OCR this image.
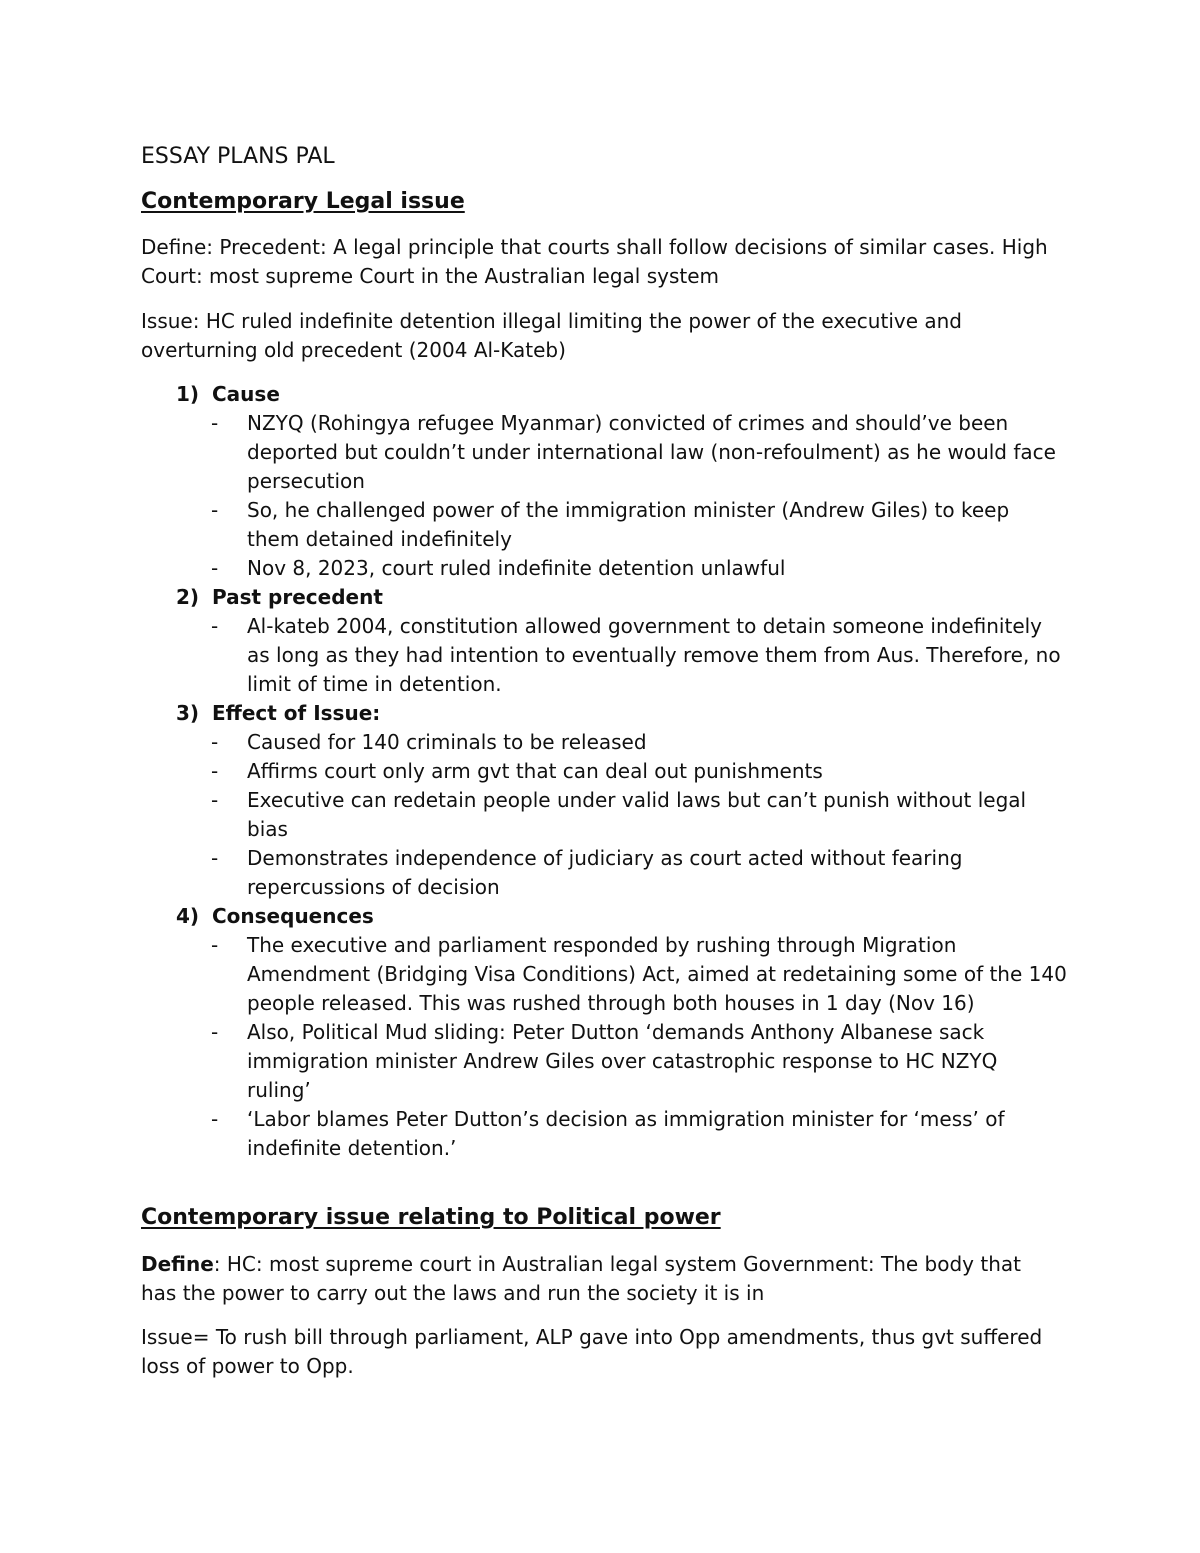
ESSAY PLANS PAL
Contemporary Legal issue

Define: Precedent: A legal principle that courts shall follow decisions of similar cases. High Court: most supreme Court in the Australian legal system

Issue: HC ruled indefinite detention illegal limiting the power of the executive and overturning old precedent (2004 Al-Kateb)

1) Cause
- NZYQ (Rohingya refugee Myanmar) convicted of crimes and should’ve been deported but couldn’t under international law (non-refoulment) as he would face persecution
- So, he challenged power of the immigration minister (Andrew Giles) to keep them detained indefinitely
- Nov 8, 2023, court ruled indefinite detention unlawful
2) Past precedent
- Al-kateb 2004, constitution allowed government to detain someone indefinitely as long as they had intention to eventually remove them from Aus. Therefore, no limit of time in detention.
3) Effect of Issue:
- Caused for 140 criminals to be released
- Affirms court only arm gvt that can deal out punishments
- Executive can redetain people under valid laws but can’t punish without legal bias
- Demonstrates independence of judiciary as court acted without fearing repercussions of decision
4) Consequences
- The executive and parliament responded by rushing through Migration Amendment (Bridging Visa Conditions) Act, aimed at redetaining some of the 140 people released. This was rushed through both houses in 1 day (Nov 16)
- Also, Political Mud sliding: Peter Dutton ‘demands Anthony Albanese sack immigration minister Andrew Giles over catastrophic response to HC NZYQ ruling’
- ‘Labor blames Peter Dutton’s decision as immigration minister for ‘mess’ of indefinite detention.’
Contemporary issue relating to Political power

Define: HC: most supreme court in Australian legal system Government: The body that has the power to carry out the laws and run the society it is in

Issue= To rush bill through parliament, ALP gave into Opp amendments, thus gvt suffered loss of power to Opp.
